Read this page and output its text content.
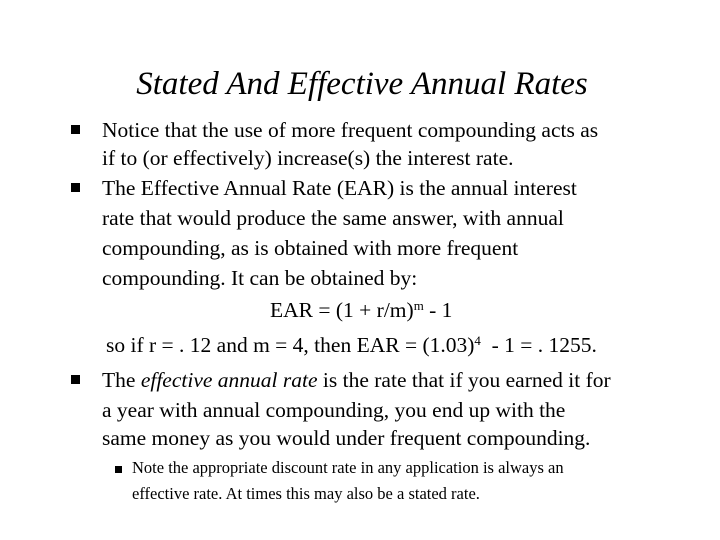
Stated And Effective Annual Rates
Notice that the use of more frequent compounding acts as
if to (or effectively) increase(s) the interest rate.
The Effective Annual Rate (EAR) is the annual interest
rate that would produce the same answer, with annual
compounding, as is obtained with more frequent
compounding. It can be obtained by:
EAR = $(1 + r/m)^m - 1$
so if r = . 12 and m = 4, then EAR = $(1.03)^4 - 1$ = . 1255.
The effective annual rate is the rate that if you earned it for
a year with annual compounding, you end up with the
same money as you would under frequent compounding.
Note the appropriate discount rate in any application is always an
effective rate. At times this may also be a stated rate.
